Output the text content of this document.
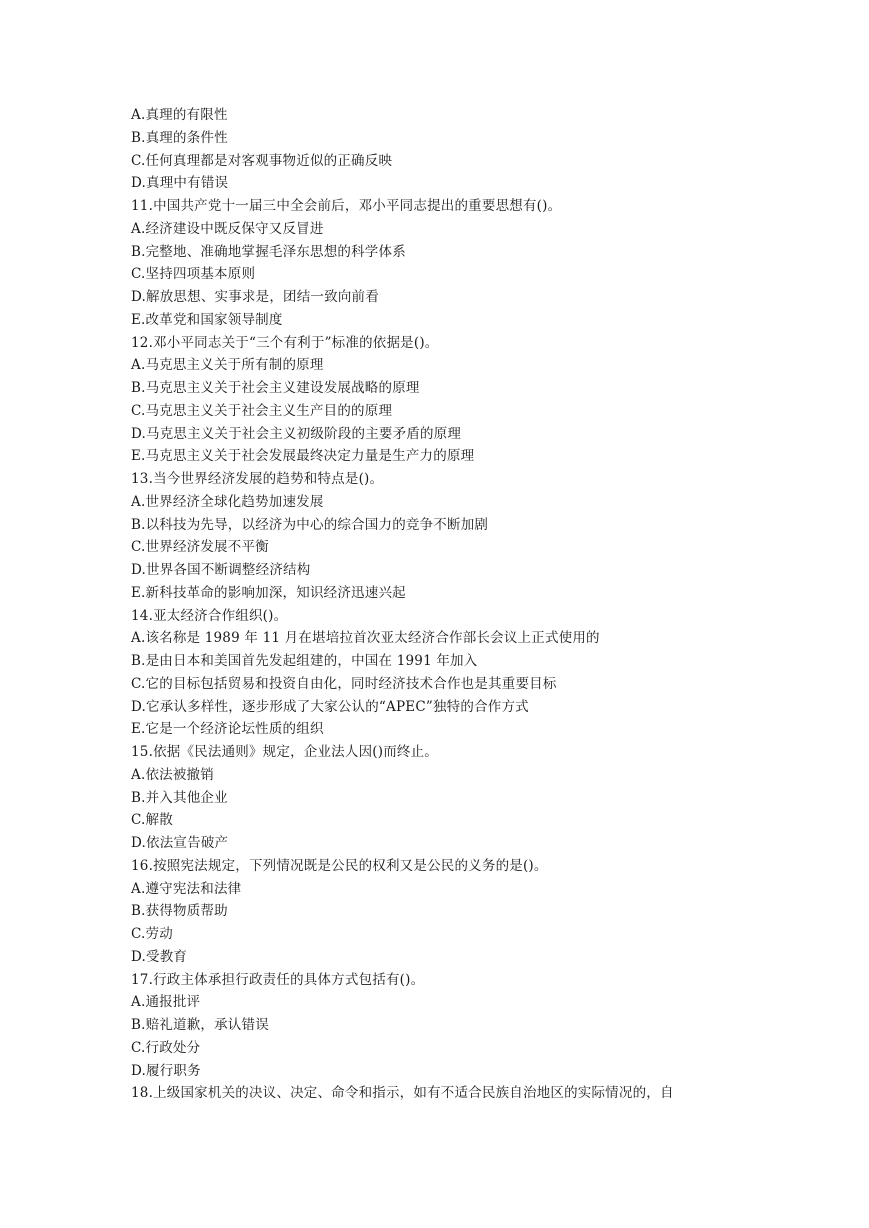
A.真理的有限性
B.真理的条件性
C.任何真理都是对客观事物近似的正确反映
D.真理中有错误
11.中国共产党十一届三中全会前后，邓小平同志提出的重要思想有()。
A.经济建设中既反保守又反冒进
B.完整地、准确地掌握毛泽东思想的科学体系
C.坚持四项基本原则
D.解放思想、实事求是，团结一致向前看
E.改革党和国家领导制度
12.邓小平同志关于“三个有利于”标准的依据是()。
A.马克思主义关于所有制的原理
B.马克思主义关于社会主义建设发展战略的原理
C.马克思主义关于社会主义生产目的的原理
D.马克思主义关于社会主义初级阶段的主要矛盾的原理
E.马克思主义关于社会发展最终决定力量是生产力的原理
13.当今世界经济发展的趋势和特点是()。
A.世界经济全球化趋势加速发展
B.以科技为先导，以经济为中心的综合国力的竞争不断加剧
C.世界经济发展不平衡
D.世界各国不断调整经济结构
E.新科技革命的影响加深，知识经济迅速兴起
14.亚太经济合作组织()。
A.该名称是 1989 年 11 月在堪培拉首次亚太经济合作部长会议上正式使用的
B.是由日本和美国首先发起组建的，中国在 1991 年加入
C.它的目标包括贸易和投资自由化，同时经济技术合作也是其重要目标
D.它承认多样性，逐步形成了大家公认的“APEC”独特的合作方式
E.它是一个经济论坛性质的组织
15.依据《民法通则》规定，企业法人因()而终止。
A.依法被撤销
B.并入其他企业
C.解散
D.依法宣告破产
16.按照宪法规定，下列情况既是公民的权利又是公民的义务的是()。
A.遵守宪法和法律
B.获得物质帮助
C.劳动
D.受教育
17.行政主体承担行政责任的具体方式包括有()。
A.通报批评
B.赔礼道歉，承认错误
C.行政处分
D.履行职务
18.上级国家机关的决议、决定、命令和指示，如有不适合民族自治地区的实际情况的，自
